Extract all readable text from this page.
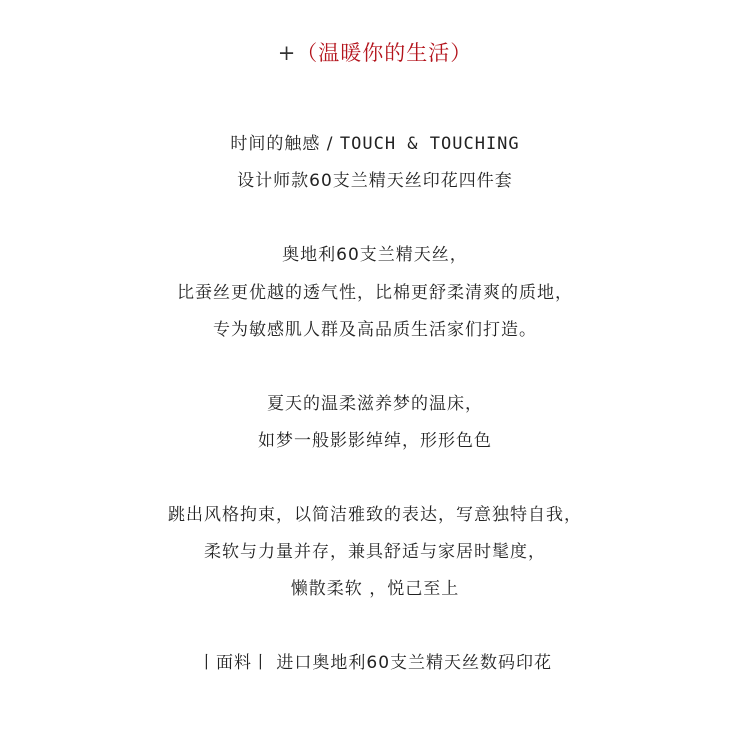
+（温暖你的生活）
时间的触感 / TOUCH & TOUCHING
设计师款60支兰精天丝印花四件套
奥地利60支兰精天丝，
比蚕丝更优越的透气性，比棉更舒柔清爽的质地，
专为敏感肌人群及高品质生活家们打造。
夏天的温柔滋养梦的温床，
如梦一般影影绰绰，形形色色
跳出风格拘束，以简洁雅致的表达，写意独特自我，
柔软与力量并存，兼具舒适与家居时髦度，
懒散柔软 ，悦己至上
丨面料丨 进口奥地利60支兰精天丝数码印花
